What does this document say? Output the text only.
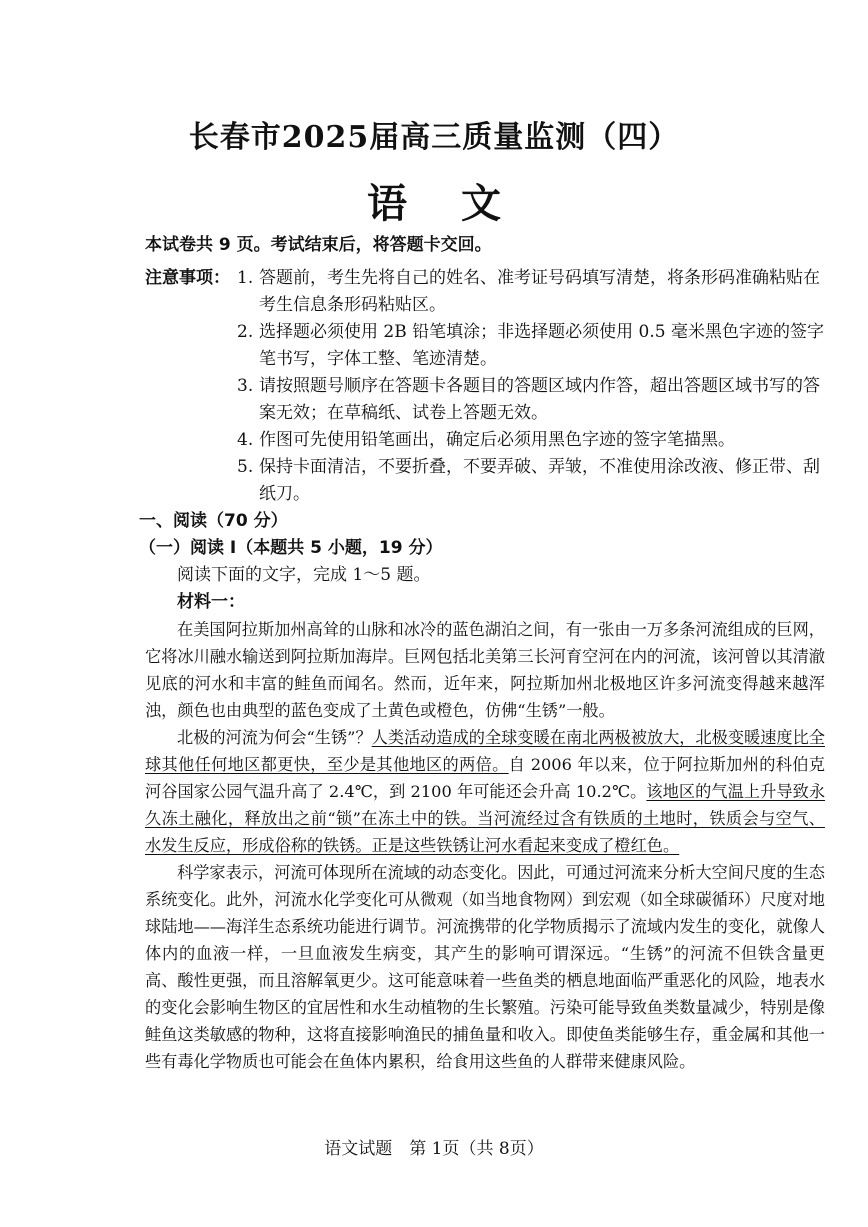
长春市2025届高三质量监测（四）
语 文
本试卷共 9 页。考试结束后，将答题卡交回。
注意事项： 1. 答题前，考生先将自己的姓名、准考证号码填写清楚，将条形码准确粘贴在考生信息条形码粘贴区。
2. 选择题必须使用 2B 铅笔填涂；非选择题必须使用 0.5 毫米黑色字迹的签字笔书写，字体工整、笔迹清楚。
3. 请按照题号顺序在答题卡各题目的答题区域内作答，超出答题区域书写的答案无效；在草稿纸、试卷上答题无效。
4. 作图可先使用铅笔画出，确定后必须用黑色字迹的签字笔描黑。
5. 保持卡面清洁，不要折叠，不要弄破、弄皱，不准使用涂改液、修正带、刮纸刀。
一、阅读（70 分）
（一）阅读 I（本题共 5 小题，19 分）
阅读下面的文字，完成 1～5 题。
材料一：

在美国阿拉斯加州高耸的山脉和冰冷的蓝色湖泊之间，有一张由一万多条河流组成的巨网，它将冰川融水输送到阿拉斯加海岸。巨网包括北美第三长河育空河在内的河流，该河曾以其清澈见底的河水和丰富的鲑鱼而闻名。然而，近年来，阿拉斯加州北极地区许多河流变得越来越浑浊，颜色也由典型的蓝色变成了土黄色或橙色，仿佛“生锈”一般。

北极的河流为何会“生锈”？人类活动造成的全球变暖在南北两极被放大，北极变暖速度比全球其他任何地区都更快，至少是其他地区的两倍。自 2006 年以来，位于阿拉斯加州的科伯克河谷国家公园气温升高了 2.4℃，到 2100 年可能还会升高 10.2℃。该地区的气温上升导致永久冻土融化，释放出之前“锁”在冻土中的铁。当河流经过含有铁质的土地时，铁质会与空气、水发生反应，形成俗称的铁锈。正是这些铁锈让河水看起来变成了橙红色。

科学家表示，河流可体现所在流域的动态变化。因此，可通过河流来分析大空间尺度的生态系统变化。此外，河流水化学变化可从微观（如当地食物网）到宏观（如全球碳循环）尺度对地球陆地——海洋生态系统功能进行调节。河流携带的化学物质揭示了流域内发生的变化，就像人体内的血液一样，一旦血液发生病变，其产生的影响可谓深远。“生锈”的河流不但铁含量更高、酸性更强，而且溶解氧更少。这可能意味着一些鱼类的栖息地面临严重恶化的风险，地表水的变化会影响生物区的宜居性和水生动植物的生长繁殖。污染可能导致鱼类数量减少，特别是像鲑鱼这类敏感的物种，这将直接影响渔民的捕鱼量和收入。即使鱼类能够生存，重金属和其他一些有毒化学物质也可能会在鱼体内累积，给食用这些鱼的人群带来健康风险。

语文试题　第 1页（共 8页）
